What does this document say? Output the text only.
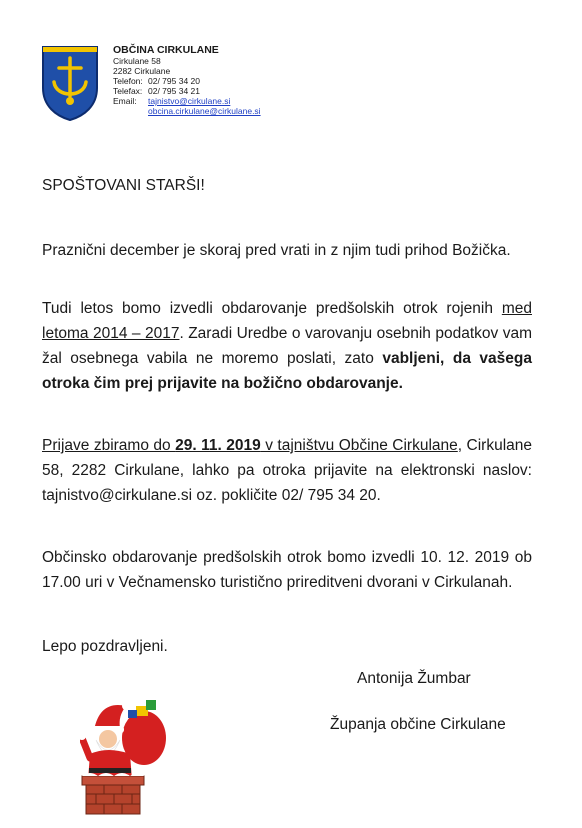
OBČINA CIRKULANE
Cirkulane 58
2282 Cirkulane
Telefon: 02/ 795 34 20
Telefax: 02/ 795 34 21
Email:	tajnistvo@cirkulane.si
obcina.cirkulane@cirkulane.si
SPOŠTOVANI STARŠI!
Praznični december je skoraj pred vrati in z njim tudi prihod Božička.
Tudi letos bomo izvedli obdarovanje predšolskih otrok rojenih med letoma 2014 – 2017. Zaradi Uredbe o varovanju osebnih podatkov vam žal osebnega vabila ne moremo poslati, zato vabljeni, da vašega otroka čim prej prijavite na božično obdarovanje.
Prijave zbiramo do 29. 11. 2019 v tajništvu Občine Cirkulane, Cirkulane 58, 2282 Cirkulane, lahko pa otroka prijavite na elektronski naslov: tajnistvo@cirkulane.si oz. pokličite 02/ 795 34 20.
Občinsko obdarovanje predšolskih otrok bomo izvedli 10. 12. 2019 ob 17.00 uri v Večnamensko turistično prireditveni dvorani v Cirkulanah.
Lepo pozdravljeni.
Antonija Žumbar
Županja občine Cirkulane
